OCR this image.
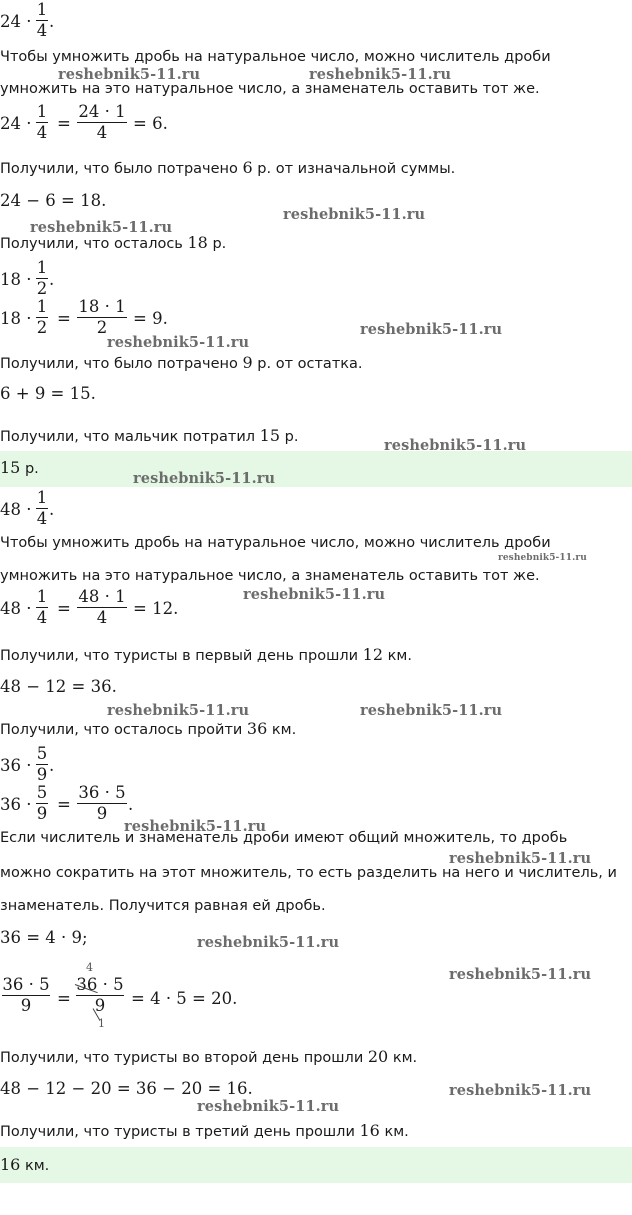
24 ·
1
4 .
Чтобы умножить дробь на натуральное число, можно числитель дроби
умножить на это натуральное число, а знаменатель оставить тот же.
24 ·
1
4 =
24 · 1
4	= 6.
Получили, что было потрачено 6 р. от изначальной суммы.
24 − 6 = 18.
Получили, что осталось 18 р.
18 ·
1
2 .
18 ·
1
2 =
18 · 1
2	= 9.
Получили, что было потрачено 9 р. от остатка.
6 + 9 = 15.
Получили, что мальчик потратил 15 р.
15 р.
48 ·
1
4 .
Чтобы умножить дробь на натуральное число, можно числитель дроби
умножить на это натуральное число, а знаменатель оставить тот же.
48 ·
1
4 =
48 · 1
4	= 12.
Получили, что туристы в первый день прошли 12 км.
48 − 12 = 36.
Получили, что осталось пройти 36 км.
36 ·
5
9 .
36 ·
5
9 =
36 · 5
9	.
Если числитель и знаменатель дроби имеют общий множитель, то дробь
можно сократить на этот множитель, то есть разделить на него и числитель, и
знаменатель. Получится равная ей дробь.
36 = 4 · 9;
36 · 5
9	=
36 · 5
9	= 4 · 5 = 20.
4
1
Получили, что туристы во второй день прошли 20 км.
48 − 12 − 20 = 36 − 20 = 16.
Получили, что туристы в третий день прошли 16 км.
16 км.
reshebnik5-11.ru	reshebnik5-11.ru
reshebnik5-11.ru
reshebnik5-11.ru
reshebnik5-11.ru
reshebnik5-11.ru
reshebnik5-11.ru
reshebnik5-11.ru
reshebnik5-11.ru
reshebnik5-11.ru
reshebnik5-11.ru	reshebnik5-11.ru
reshebnik5-11.ru
reshebnik5-11.ru
reshebnik5-11.ru
reshebnik5-11.ru
reshebnik5-11.ru
reshebnik5-11.ru
